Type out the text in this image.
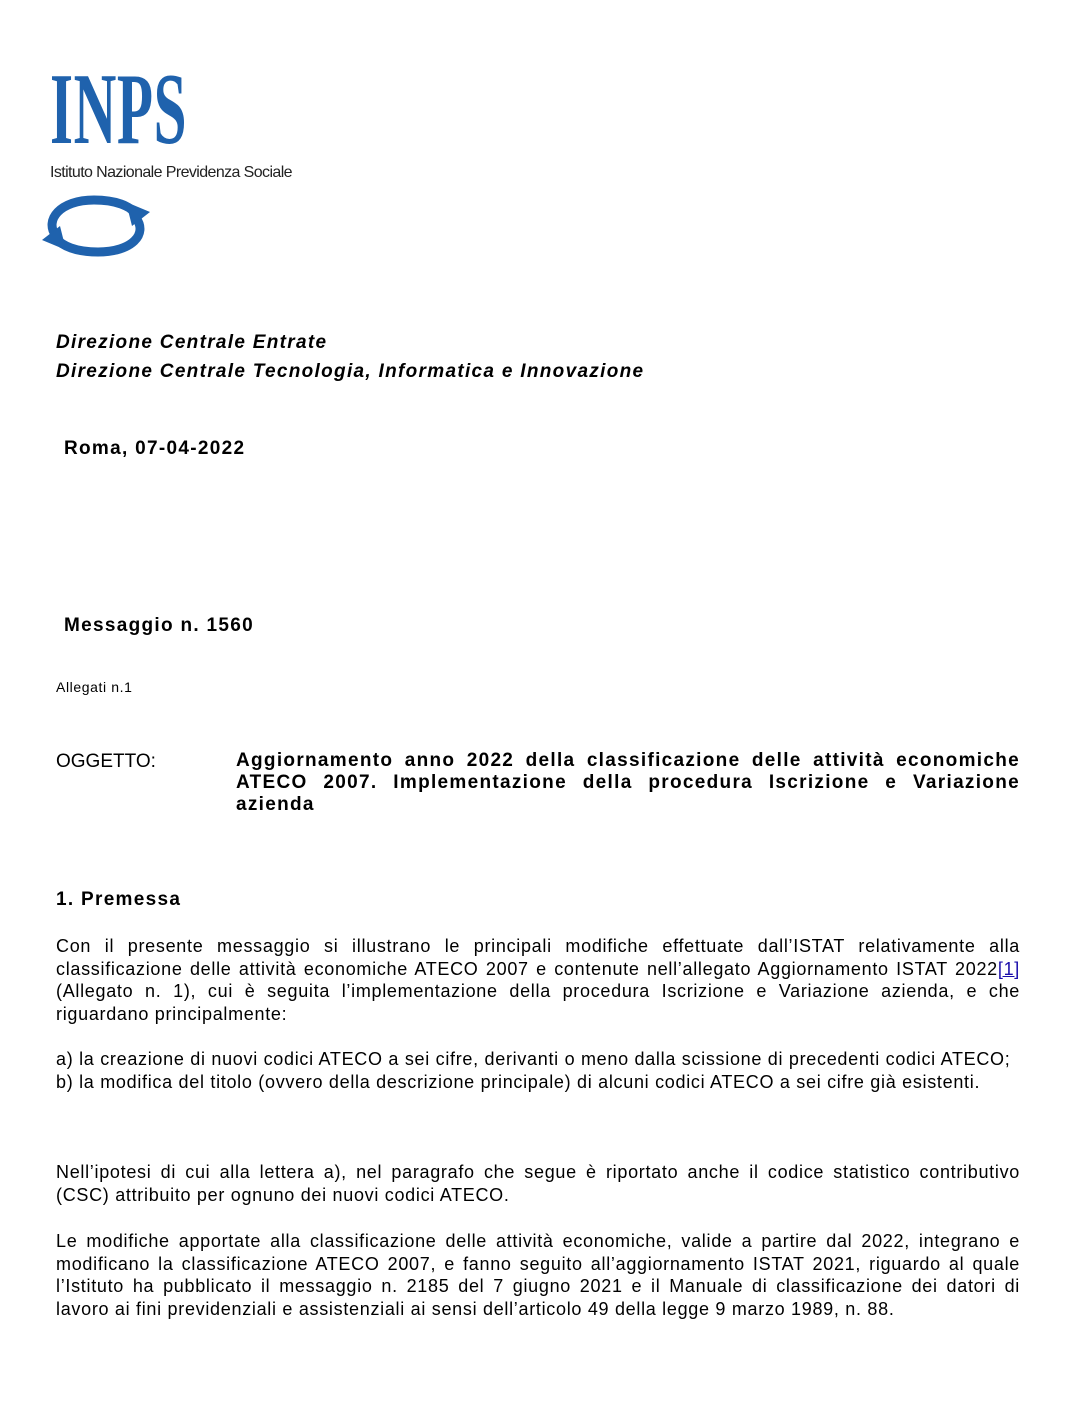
INPS
Istituto Nazionale Previdenza Sociale
Direzione Centrale Entrate
Direzione Centrale Tecnologia, Informatica e Innovazione
Roma, 07-04-2022
Messaggio n. 1560
Allegati n.1
OGGETTO:	Aggiornamento anno 2022 della classificazione delle attività economiche ATECO 2007. Implementazione della procedura Iscrizione e Variazione azienda
1. Premessa
Con il presente messaggio si illustrano le principali modifiche effettuate dall’ISTAT relativamente alla classificazione delle attività economiche ATECO 2007 e contenute nell’allegato Aggiornamento ISTAT 2022[1] (Allegato n. 1), cui è seguita l’implementazione della procedura Iscrizione e Variazione azienda, e che riguardano principalmente:
a) la creazione di nuovi codici ATECO a sei cifre, derivanti o meno dalla scissione di precedenti codici ATECO;
b) la modifica del titolo (ovvero della descrizione principale) di alcuni codici ATECO a sei cifre già esistenti.
Nell’ipotesi di cui alla lettera a), nel paragrafo che segue è riportato anche il codice statistico contributivo (CSC) attribuito per ognuno dei nuovi codici ATECO.
Le modifiche apportate alla classificazione delle attività economiche, valide a partire dal 2022, integrano e modificano la classificazione ATECO 2007, e fanno seguito all’aggiornamento ISTAT 2021, riguardo al quale l’Istituto ha pubblicato il messaggio n. 2185 del 7 giugno 2021 e il Manuale di classificazione dei datori di lavoro ai fini previdenziali e assistenziali ai sensi dell’articolo 49 della legge 9 marzo 1989, n. 88.
